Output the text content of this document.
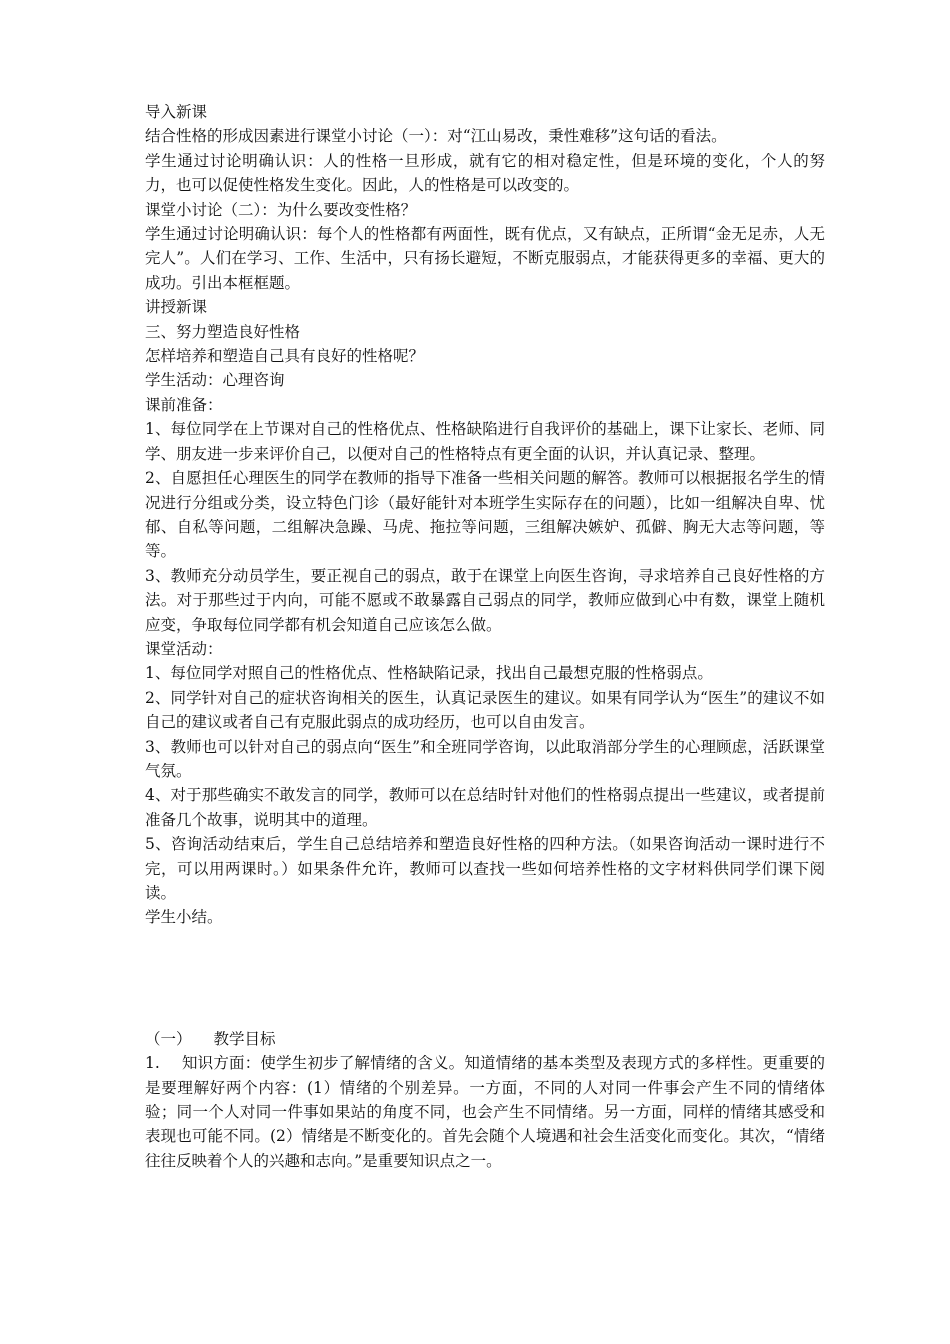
导入新课

结合性格的形成因素进行课堂小讨论（一）：对“江山易改，秉性难移”这句话的看法。

学生通过讨论明确认识：人的性格一旦形成，就有它的相对稳定性，但是环境的变化，个人的努力，也可以促使性格发生变化。因此，人的性格是可以改变的。

课堂小讨论（二）：为什么要改变性格？

学生通过讨论明确认识：每个人的性格都有两面性，既有优点，又有缺点，正所谓“金无足赤，人无完人”。人们在学习、工作、生活中，只有扬长避短，不断克服弱点，才能获得更多的幸福、更大的成功。引出本框框题。

讲授新课

三、努力塑造良好性格

怎样培养和塑造自己具有良好的性格呢？

学生活动：心理咨询

课前准备：

1、每位同学在上节课对自己的性格优点、性格缺陷进行自我评价的基础上，课下让家长、老师、同学、朋友进一步来评价自己，以便对自己的性格特点有更全面的认识，并认真记录、整理。

2、自愿担任心理医生的同学在教师的指导下准备一些相关问题的解答。教师可以根据报名学生的情况进行分组或分类，设立特色门诊（最好能针对本班学生实际存在的问题），比如一组解决自卑、忧郁、自私等问题，二组解决急躁、马虎、拖拉等问题，三组解决嫉妒、孤僻、胸无大志等问题，等等。

3、教师充分动员学生，要正视自己的弱点，敢于在课堂上向医生咨询，寻求培养自己良好性格的方法。对于那些过于内向，可能不愿或不敢暴露自己弱点的同学，教师应做到心中有数，课堂上随机应变，争取每位同学都有机会知道自己应该怎么做。

课堂活动：

1、每位同学对照自己的性格优点、性格缺陷记录，找出自己最想克服的性格弱点。

2、同学针对自己的症状咨询相关的医生，认真记录医生的建议。如果有同学认为“医生”的建议不如自己的建议或者自己有克服此弱点的成功经历，也可以自由发言。

3、教师也可以针对自己的弱点向“医生”和全班同学咨询，以此取消部分学生的心理顾虑，活跃课堂气氛。

4、对于那些确实不敢发言的同学，教师可以在总结时针对他们的性格弱点提出一些建议，或者提前准备几个故事，说明其中的道理。

5、咨询活动结束后，学生自己总结培养和塑造良好性格的四种方法。（如果咨询活动一课时进行不完，可以用两课时。）如果条件允许，教师可以查找一些如何培养性格的文字材料供同学们课下阅读。

学生小结。

（一） 教学目标

1. 知识方面：使学生初步了解情绪的含义。知道情绪的基本类型及表现方式的多样性。更重要的是要理解好两个内容：(1）情绪的个别差异。一方面，不同的人对同一件事会产生不同的情绪体验；同一个人对同一件事如果站的角度不同，也会产生不同情绪。另一方面，同样的情绪其感受和表现也可能不同。(2）情绪是不断变化的。首先会随个人境遇和社会生活变化而变化。其次，“情绪往往反映着个人的兴趣和志向。”是重要知识点之一。
